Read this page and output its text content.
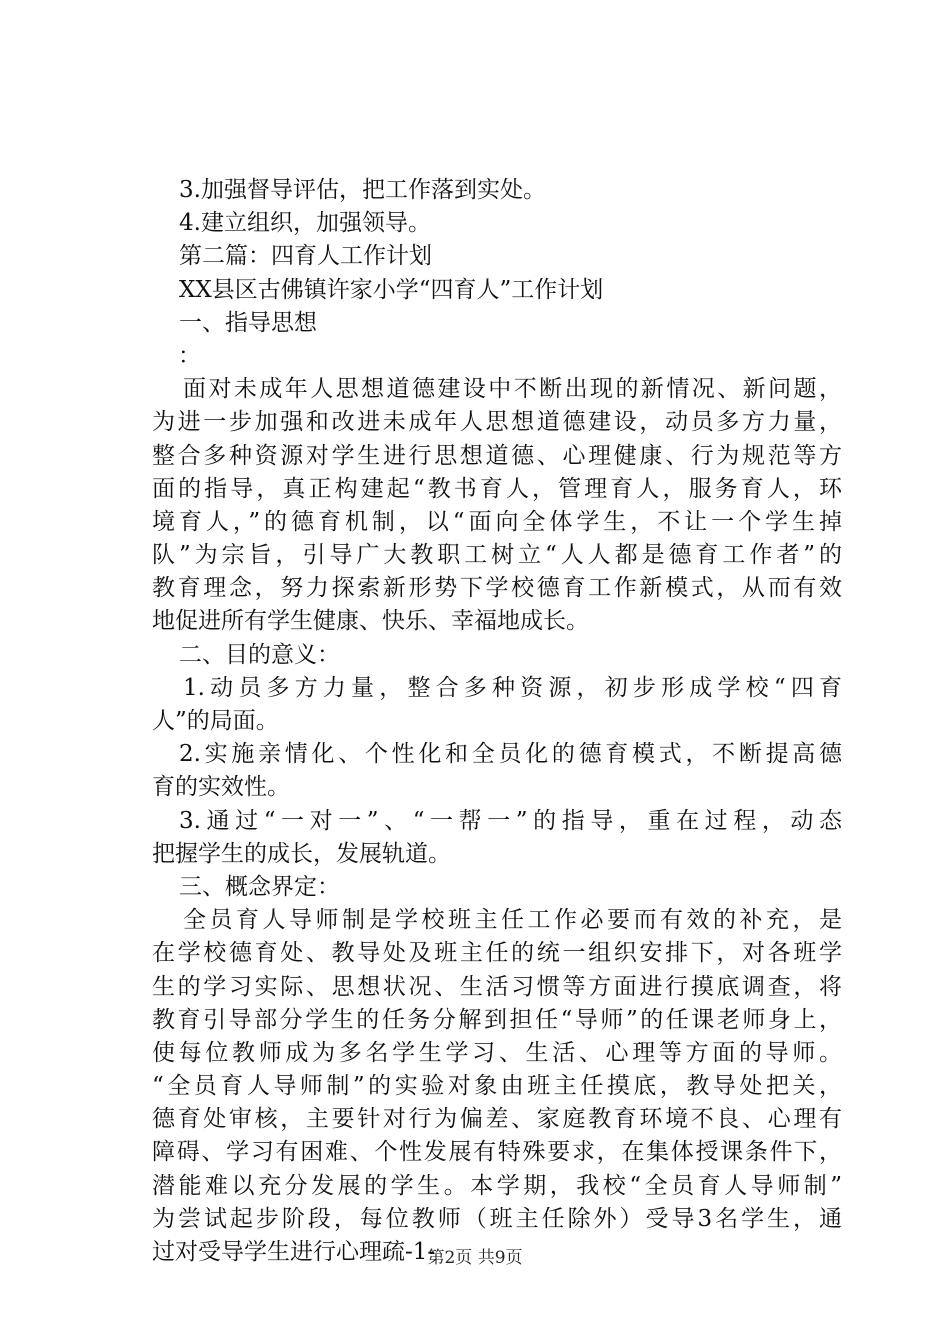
3.加强督导评估，把工作落到实处。
4.建立组织，加强领导。
第二篇：四育人工作计划
XX县区古佛镇许家小学“四育人”工作计划
一、指导思想
：
面对未成年人思想道德建设中不断出现的新情况、新问题，
为进一步加强和改进未成年人思想道德建设，动员多方力量，
整合多种资源对学生进行思想道德、心理健康、行为规范等方
面的指导，真正构建起“教书育人，管理育人，服务育人，环
境育人，”的德育机制，以“面向全体学生，不让一个学生掉
队”为宗旨，引导广大教职工树立“人人都是德育工作者”的
教育理念，努力探索新形势下学校德育工作新模式，从而有效
地促进所有学生健康、快乐、幸福地成长。
二、目的意义：
1.动员多方力量，整合多种资源，初步形成学校“四育
人”的局面。
2.实施亲情化、个性化和全员化的德育模式，不断提高德
育的实效性。
3.通过“一对一”、“一帮一”的指导，重在过程，动态
把握学生的成长，发展轨道。
三、概念界定：
全员育人导师制是学校班主任工作必要而有效的补充，是
在学校德育处、教导处及班主任的统一组织安排下，对各班学
生的学习实际、思想状况、生活习惯等方面进行摸底调查，将
教育引导部分学生的任务分解到担任“导师”的任课老师身上，
使每位教师成为多名学生学习、生活、心理等方面的导师。
“全员育人导师制”的实验对象由班主任摸底，教导处把关，
德育处审核，主要针对行为偏差、家庭教育环境不良、心理有
障碍、学习有困难、个性发展有特殊要求，在集体授课条件下，
潜能难以充分发展的学生。本学期，我校“全员育人导师制”
为尝试起步阶段，每位教师（班主任除外）受导3名学生，通
过对受导学生进行心理疏-1-
第2页 共9页
